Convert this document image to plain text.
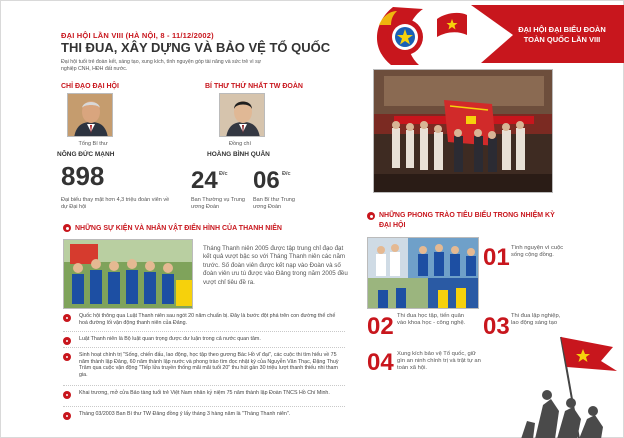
ĐẠI HỘI LẦN VIII (HÀ NỘI, 8 - 11/12/2002)
THI ĐUA, XÂY DỰNG VÀ BẢO VỆ TỔ QUỐC
Đại hội tuổi trẻ đoàn kết, sáng tạo, xung kích, tình nguyện góp tài năng và sức trẻ vì sự nghiệp CNH, HĐH đất nước.
ĐẠI HỘI ĐẠI BIỂU ĐOÀN
TOÀN QUỐC LẦN VIII
CHỈ ĐẠO ĐẠI HỘI
Tổng Bí thư
NÔNG ĐỨC MẠNH
BÍ THƯ THỨ NHẤT TW ĐOÀN
Đồng chí
HOÀNG BÌNH QUÂN
898
Đại biểu thay mặt hơn 4,3 triệu đoàn viên về dự Đại hội
24 Đ/c
Ban Thường vụ Trung ương Đoàn
06 Đ/c
Ban Bí thư Trung ương Đoàn
NHỮNG SỰ KIỆN VÀ NHÂN VẬT ĐIỂN HÌNH CỦA THANH NIÊN
Tháng Thanh niên 2005 được tập trung chỉ đạo đạt kết quả vượt bậc so với Tháng Thanh niên các năm trước. Số đoàn viên được kết nạp vào Đoàn và số đoàn viên ưu tú được vào Đảng trong năm 2005 đều vượt chỉ tiêu đề ra.
Quốc hội thông qua Luật Thanh niên sau ngót 20 năm chuẩn bị. Đây là bước đột phá trên con đường thể chế hoá đường lối vận động thanh niên của Đảng.
Luật Thanh niên là Bộ luật quan trọng được dư luận trong cả nước quan tâm.
Sinh hoạt chính trị "Sống, chiến đấu, lao động, học tập theo gương Bác Hồ vĩ đại", các cuộc thi tìm hiểu về 75 năm thành lập Đảng, 60 năm thành lập nước và phong trào tìm đọc nhật ký của Nguyễn Văn Thạc, Đặng Thuỳ Trâm qua cuộc vận động "Tiếp lửa truyền thống mãi mãi tuổi 20" thu hút gần 30 triệu lượt thanh thiếu nhi tham gia.
Khai trương, mở cửa Bảo tàng tuổi trẻ Việt Nam nhân kỷ niệm 75 năm thành lập Đoàn TNCS Hồ Chí Minh.
Tháng 03/2003 Ban Bí thư TW Đảng đồng ý lấy tháng 3 hàng năm là "Tháng Thanh niên".
NHỮNG PHONG TRÀO TIÊU BIỂU TRONG NHIỆM KỲ
ĐẠI HỘI
01 Tình nguyện vì cuộc sống cộng đồng.
02 Thi đua học tập, tiến quân vào khoa học - công nghệ. 03 Thi đua lập nghiệp, lao động sáng tạo
04 Xung kích bảo vệ Tổ quốc, giữ gìn an ninh chính trị và trật tự an toàn xã hội.
